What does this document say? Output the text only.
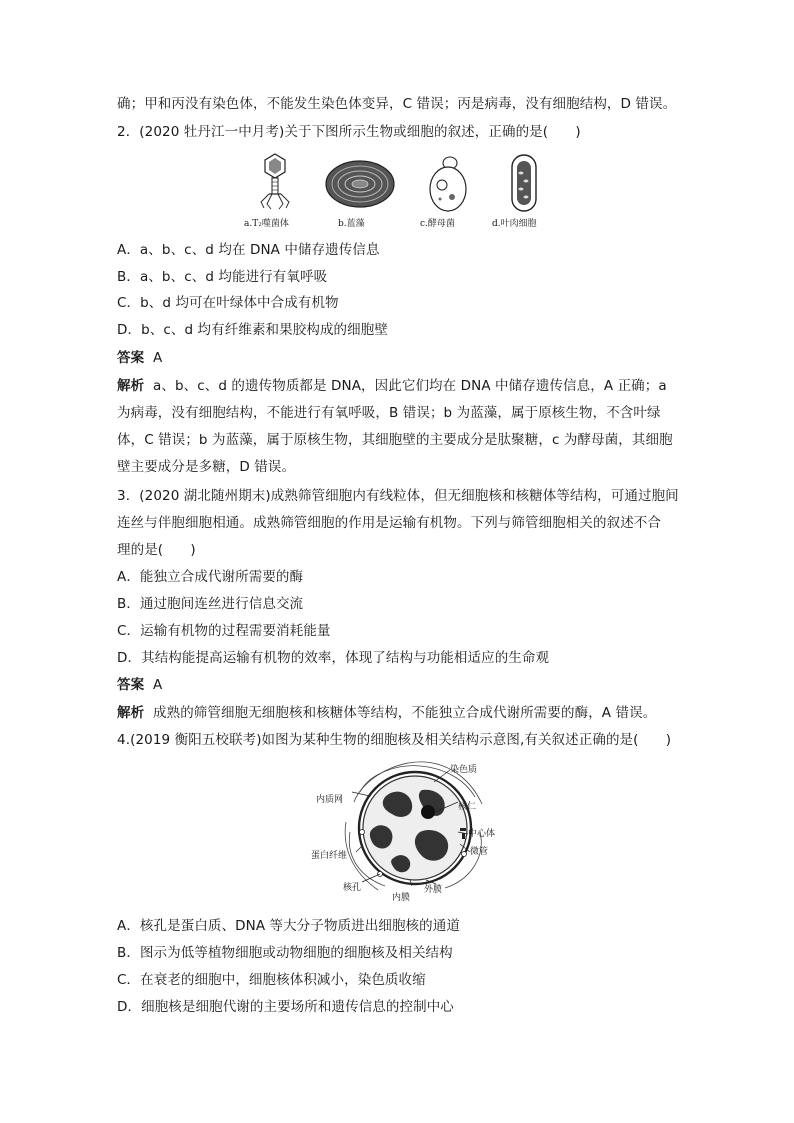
确；甲和丙没有染色体，不能发生染色体变异，C 错误；丙是病毒，没有细胞结构，D 错误。
2．(2020 牡丹江一中月考)关于下图所示生物或细胞的叙述，正确的是(　　)
a.T₂噬菌体	b.蓝藻	c.酵母菌	d.叶肉细胞
A．a、b、c、d 均在 DNA 中储存遗传信息
B．a、b、c、d 均能进行有氧呼吸
C．b、d 均可在叶绿体中合成有机物
D．b、c、d 均有纤维素和果胶构成的细胞壁
答案 A
解析 a、b、c、d 的遗传物质都是 DNA，因此它们均在 DNA 中储存遗传信息，A 正确；a
为病毒，没有细胞结构，不能进行有氧呼吸，B 错误；b 为蓝藻，属于原核生物，不含叶绿
体，C 错误；b 为蓝藻，属于原核生物，其细胞壁的主要成分是肽聚糖，c 为酵母菌，其细胞
壁主要成分是多糖，D 错误。
3．(2020 湖北随州期末)成熟筛管细胞内有线粒体，但无细胞核和核糖体等结构，可通过胞间
连丝与伴胞细胞相通。成熟筛管细胞的作用是运输有机物。下列与筛管细胞相关的叙述不合
理的是(　　)
A．能独立合成代谢所需要的酶
B．通过胞间连丝进行信息交流
C．运输有机物的过程需要消耗能量
D．其结构能提高运输有机物的效率，体现了结构与功能相适应的生命观
答案 A
解析 成熟的筛管细胞无细胞核和核糖体等结构，不能独立合成代谢所需要的酶，A 错误。
4.(2019 衡阳五校联考)如图为某种生物的细胞核及相关结构示意图,有关叙述正确的是(　　)
染色质
内质网
核仁
中心体
微管
蛋白纤维
核孔
内膜
外膜
A．核孔是蛋白质、DNA 等大分子物质进出细胞核的通道
B．图示为低等植物细胞或动物细胞的细胞核及相关结构
C．在衰老的细胞中，细胞核体积减小，染色质收缩
D．细胞核是细胞代谢的主要场所和遗传信息的控制中心
